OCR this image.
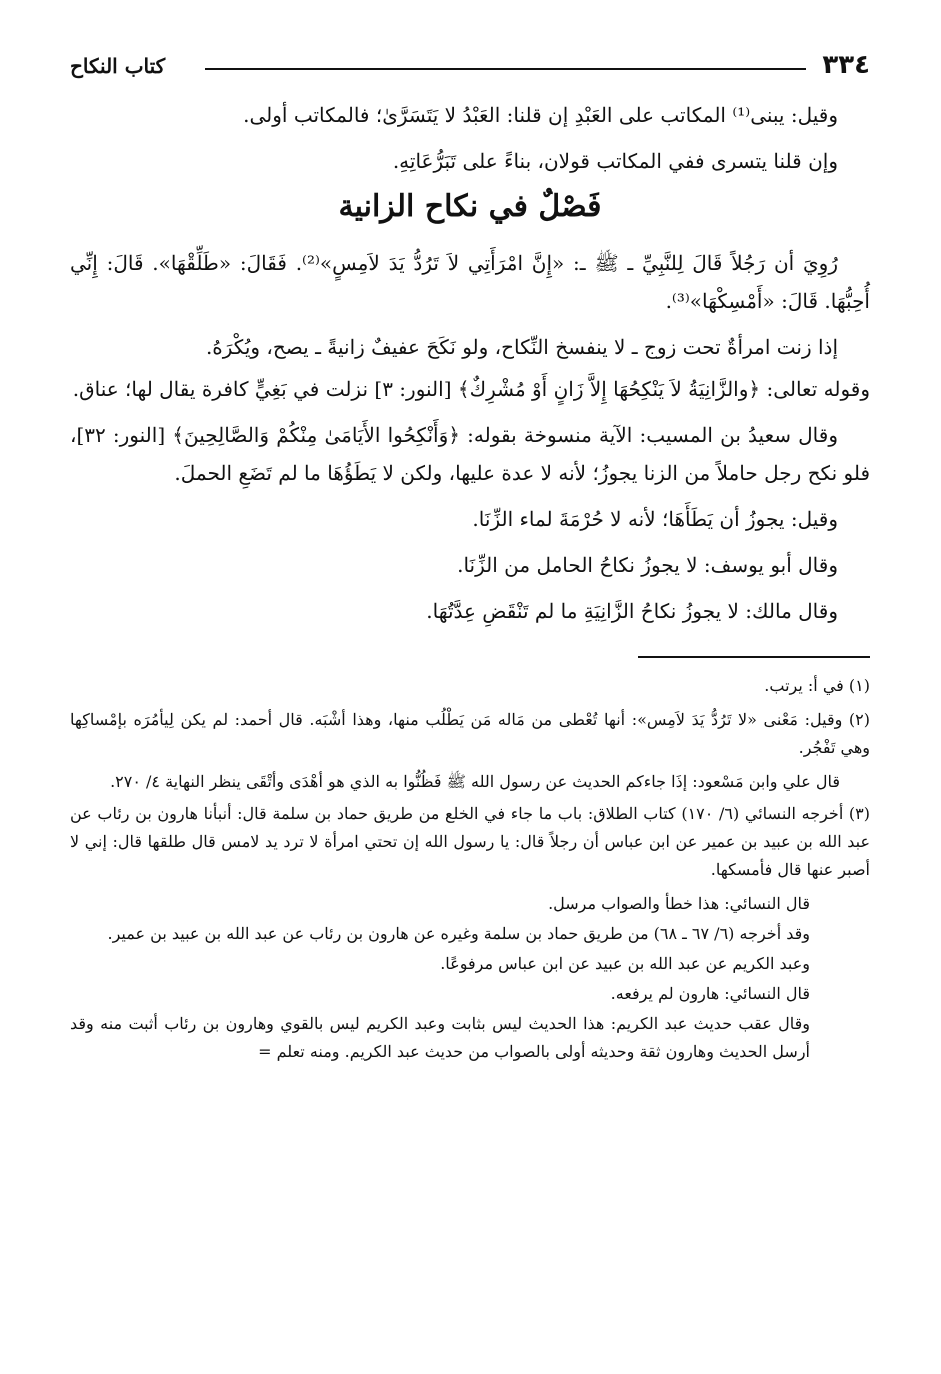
٣٣٤
كتاب النكاح

وقيل: يبنى⁽¹⁾ المكاتب على العَبْدِ إن قلنا: العَبْدُ لا يَتَسَرَّىٰ؛ فالمكاتب أولى.

وإن قلنا يتسرى ففي المكاتب قولان، بناءً على تَبَرُّعَاتِهِ.

فَصْلٌ في نكاح الزانية

رُوِيَ أن رَجُلاً قَالَ لِلنَّبِيِّ ـ ﷺ ـ: «إِنَّ امْرَأَتِي لاَ تَرُدُّ يَدَ لاَمِسٍ»⁽²⁾. فَقَالَ: «طَلِّقْهَا». قَالَ: إِنِّي أُحِبُّهَا. قَالَ: «أَمْسِكْهَا»⁽³⁾.

إذا زنت امرأةٌ تحت زوج ـ لا ينفسخ النِّكاح، ولو نَكَحَ عفيفٌ زانيةً ـ يصح، ويُكْرَهُ.

وقوله تعالى: ﴿والزَّانِيَةُ لاَ يَنْكِحُهَا إِلاَّ زَانٍ أَوْ مُشْرِكٌ﴾ [النور: ٣] نزلت في بَغِيٍّ كافرة يقال لها؛ عناق.

وقال سعيدُ بن المسيب: الآية منسوخة بقوله: ﴿وَأَنْكِحُوا الأَيَامَىٰ مِنْكُمْ وَالصَّالِحِينَ﴾ [النور: ٣٢]، فلو نكح رجل حاملاً من الزنا يجوزُ؛ لأنه لا عدة عليها، ولكن لا يَطَؤُهَا ما لم تَضَعِ الحملَ.

وقيل: يجوزُ أن يَطَأَهَا؛ لأنه لا حُرْمَةَ لماء الزِّنَا.

وقال أبو يوسف: لا يجوزُ نكاحُ الحامل من الزِّنَا.

وقال مالك: لا يجوزُ نكاحُ الزَّانِيَةِ ما لم تَنْقَضِ عِدَّتُهَا.

(١) في أ: يرتب.
(٢) وقيل: مَعْنى «لا تَرُدُّ يَدَ لاَمِس»: أنها تُعْطى من مَاله مَن يَطْلُب منها، وهذا أشْبَه. قال أحمد: لم يكن لِيأمُرَه بإمْساكِها وهي تَفْجُر.
قال علي وابن مَسْعود: إذَا جاءكم الحديث عن رسول الله ﷺ فَظُنُّوا به الذي هو أهْدَى وأتْقَى ينظر النهاية ٤/ ٢٧٠.
(٣) أخرجه النسائي (٦/ ١٧٠) كتاب الطلاق: باب ما جاء في الخلع من طريق حماد بن سلمة قال: أنبأنا هارون بن رئاب عن عبد الله بن عبيد بن عمير عن ابن عباس أن رجلاً قال: يا رسول الله إن تحتي امرأة لا ترد يد لامس قال طلقها قال: إني لا أصبر عنها قال فأمسكها.
قال النسائي: هذا خطأ والصواب مرسل.
وقد أخرجه (٦/ ٦٧ ـ ٦٨) من طريق حماد بن سلمة وغيره عن هارون بن رئاب عن عبد الله بن عبيد بن عمير.
وعبد الكريم عن عبد الله بن عبيد عن ابن عباس مرفوعًا.
قال النسائي: هارون لم يرفعه.
وقال عقب حديث عبد الكريم: هذا الحديث ليس بثابت وعبد الكريم ليس بالقوي وهارون بن رئاب أثبت منه وقد أرسل الحديث وهارون ثقة وحديثه أولى بالصواب من حديث عبد الكريم. ومنه تعلم =
